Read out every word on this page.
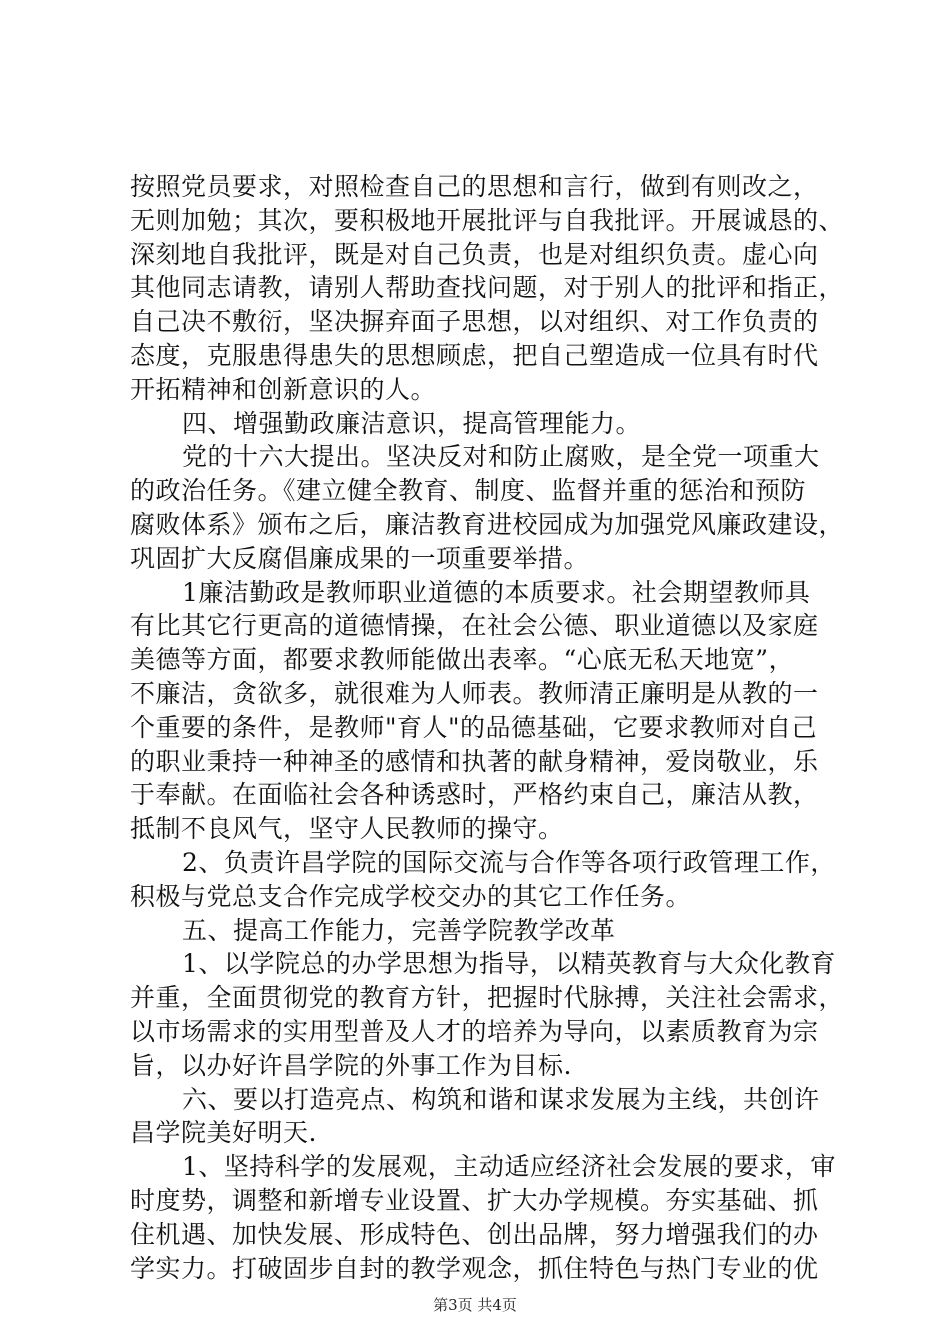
按照党员要求，对照检查自己的思想和言行，做到有则改之，
无则加勉；其次，要积极地开展批评与自我批评。开展诚恳的、
深刻地自我批评，既是对自己负责，也是对组织负责。虚心向
其他同志请教，请别人帮助查找问题，对于别人的批评和指正，
自己决不敷衍，坚决摒弃面子思想，以对组织、对工作负责的
态度，克服患得患失的思想顾虑，把自己塑造成一位具有时代
开拓精神和创新意识的人。
四、增强勤政廉洁意识，提高管理能力。
党的十六大提出。坚决反对和防止腐败，是全党一项重大
的政治任务。《建立健全教育、制度、监督并重的惩治和预防
腐败体系》颁布之后，廉洁教育进校园成为加强党风廉政建设，
巩固扩大反腐倡廉成果的一项重要举措。
1廉洁勤政是教师职业道德的本质要求。社会期望教师具
有比其它行更高的道德情操，在社会公德、职业道德以及家庭
美德等方面，都要求教师能做出表率。“心底无私天地宽”，
不廉洁，贪欲多，就很难为人师表。教师清正廉明是从教的一
个重要的条件，是教师"育人"的品德基础，它要求教师对自己
的职业秉持一种神圣的感情和执著的献身精神，爱岗敬业，乐
于奉献。在面临社会各种诱惑时，严格约束自己，廉洁从教，
抵制不良风气，坚守人民教师的操守。
2、负责许昌学院的国际交流与合作等各项行政管理工作，
积极与党总支合作完成学校交办的其它工作任务。
五、提高工作能力，完善学院教学改革
1、以学院总的办学思想为指导，以精英教育与大众化教育
并重，全面贯彻党的教育方针，把握时代脉搏，关注社会需求，
以市场需求的实用型普及人才的培养为导向，以素质教育为宗
旨，以办好许昌学院的外事工作为目标.
六、要以打造亮点、构筑和谐和谋求发展为主线，共创许
昌学院美好明天.
1、坚持科学的发展观，主动适应经济社会发展的要求，审
时度势，调整和新增专业设置、扩大办学规模。夯实基础、抓
住机遇、加快发展、形成特色、创出品牌，努力增强我们的办
学实力。打破固步自封的教学观念，抓住特色与热门专业的优
第3页 共4页
